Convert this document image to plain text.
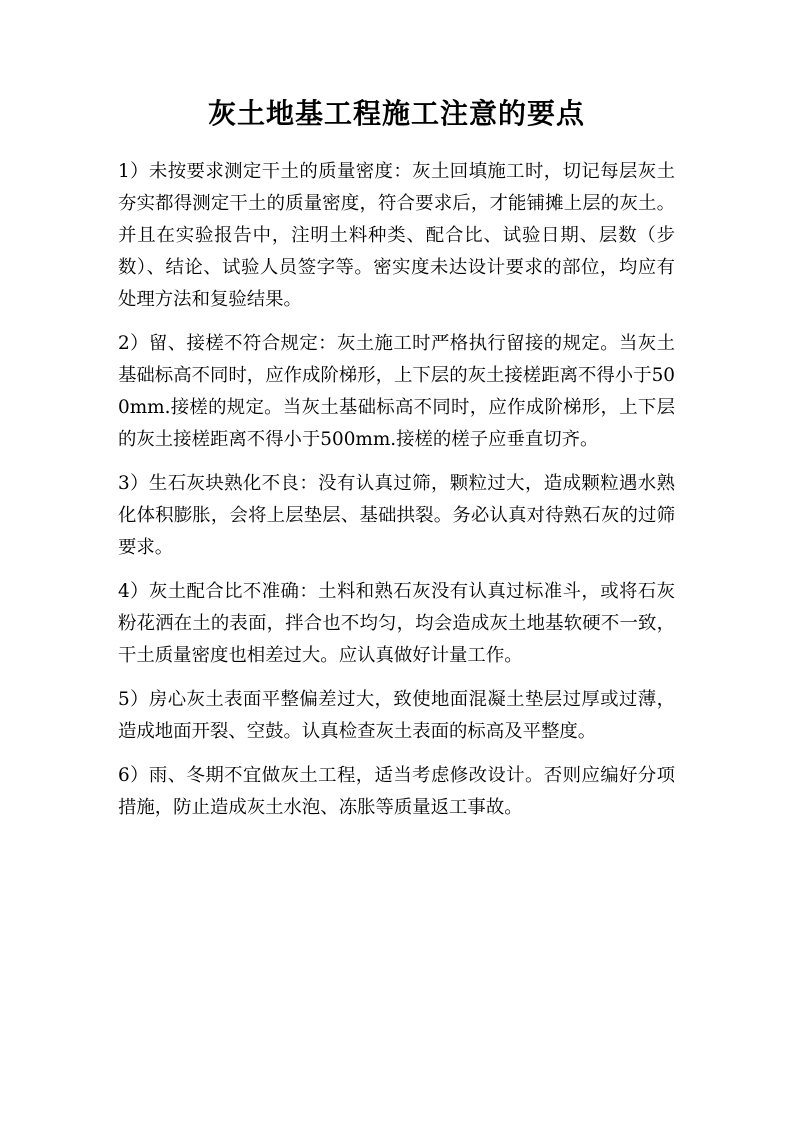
灰土地基工程施工注意的要点

1）未按要求测定干土的质量密度：灰土回填施工时，切记每层灰土夯实都得测定干土的质量密度，符合要求后，才能铺摊上层的灰土。并且在实验报告中，注明土料种类、配合比、试验日期、层数（步数）、结论、试验人员签字等。密实度未达设计要求的部位，均应有处理方法和复验结果。

2）留、接槎不符合规定：灰土施工时严格执行留接的规定。当灰土基础标高不同时，应作成阶梯形，上下层的灰土接槎距离不得小于500mm.接槎的规定。当灰土基础标高不同时，应作成阶梯形，上下层的灰土接槎距离不得小于500mm.接槎的槎子应垂直切齐。

3）生石灰块熟化不良：没有认真过筛，颗粒过大，造成颗粒遇水熟化体积膨胀，会将上层垫层、基础拱裂。务必认真对待熟石灰的过筛要求。

4）灰土配合比不准确：土料和熟石灰没有认真过标准斗，或将石灰粉花洒在土的表面，拌合也不均匀，均会造成灰土地基软硬不一致，干土质量密度也相差过大。应认真做好计量工作。

5）房心灰土表面平整偏差过大，致使地面混凝土垫层过厚或过薄，造成地面开裂、空鼓。认真检查灰土表面的标高及平整度。

6）雨、冬期不宜做灰土工程，适当考虑修改设计。否则应编好分项措施，防止造成灰土水泡、冻胀等质量返工事故。
